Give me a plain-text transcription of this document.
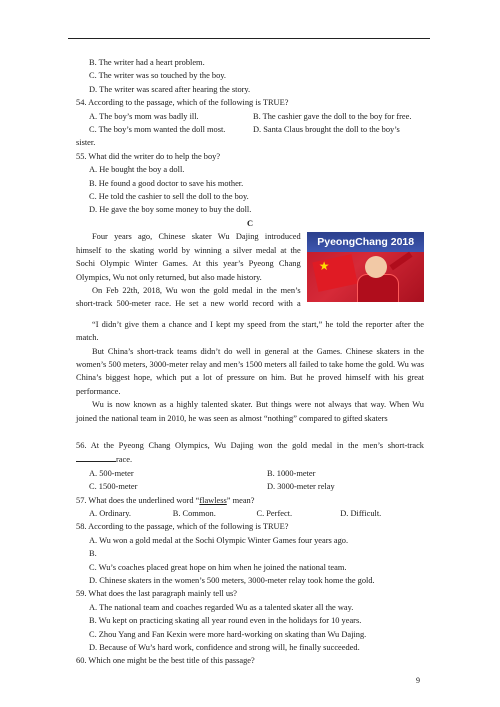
B. The writer had a heart problem.
C. The writer was so touched by the boy.
D. The writer was scared after hearing the story.
54. According to the passage, which of the following is TRUE?
A. The boy’s mom was badly ill.	B. The cashier gave the doll to the boy for free.
C. The boy’s mom wanted the doll most.	D. Santa Claus brought the doll to the boy’s
sister.
55. What did the writer do to help the boy?
A. He bought the boy a doll.
B. He found a good doctor to save his mother.
C. He told the cashier to sell the doll to the boy.
D. He gave the boy some money to buy the doll.
C
Four years ago, Chinese skater Wu Dajing introduced
himself to the skating world by winning a silver medal at the
Sochi Olympic Winter Games. At this year’s Pyeong Chang
Olympics, Wu not only returned, but also made history.
On Feb 22th, 2018, Wu won the gold medal in the men’s
short-track 500-meter race. He set a new world record with a
PyeongChang 2018
★
“I didn’t give them a chance and I kept my speed from the start,” he told the reporter after the match.
But China’s short-track teams didn’t do well in general at the Games. Chinese skaters in the women’s 500 meters, 3000-meter relay and men’s 1500 meters all failed to take home the gold. Wu was China’s biggest hope, which put a lot of pressure on him. But he proved himself with his great performance.
Wu is now known as a highly talented skater. But things were not always that way. When Wu joined the national team in 2010, he was seen as almost “nothing” compared to gifted skaters
56. At the Pyeong Chang Olympics, Wu Dajing won the gold medal in the men’s short-track
race.
A. 500-meter	B. 1000-meter
C. 1500-meter	D. 3000-meter relay
57. What does the underlined word “flawless” mean?
A. Ordinary.	B. Common.	C. Perfect.	D. Difficult.
58. According to the passage, which of the following is TRUE?
A. Wu won a gold medal at the Sochi Olympic Winter Games four years ago.
B.
C. Wu’s coaches placed great hope on him when he joined the national team.
D. Chinese skaters in the women’s 500 meters, 3000-meter relay took home the gold.
59. What does the last paragraph mainly tell us?
A. The national team and coaches regarded Wu as a talented skater all the way.
B. Wu kept on practicing skating all year round even in the holidays for 10 years.
C. Zhou Yang and Fan Kexin were more hard-working on skating than Wu Dajing.
D. Because of Wu’s hard work, confidence and strong will, he finally succeeded.
60. Which one might be the best title of this passage?
9
